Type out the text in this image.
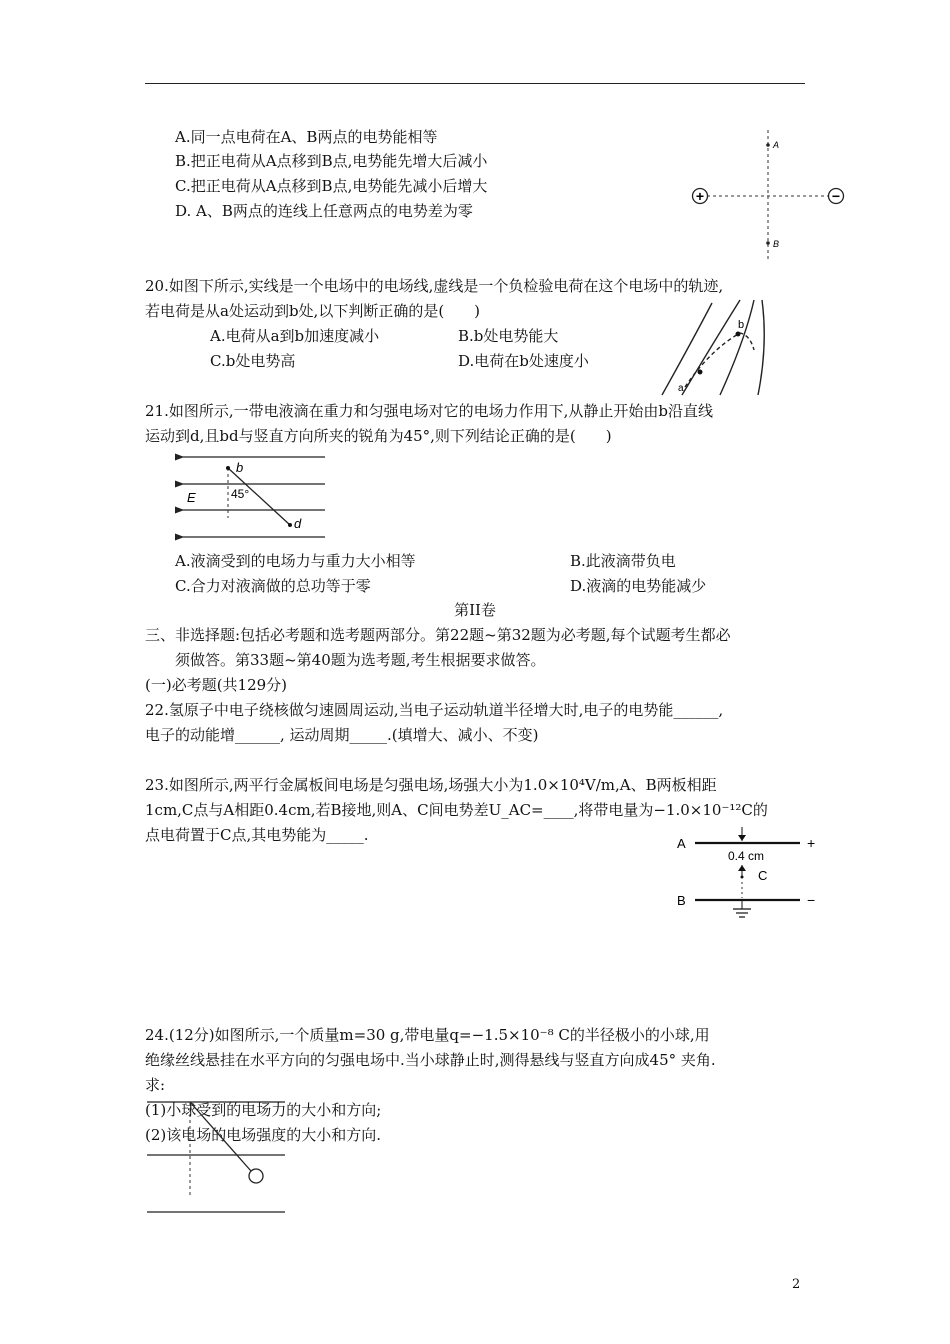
A.同一点电荷在A、B两点的电势能相等
B.把正电荷从A点移到B点,电势能先增大后减小
C.把正电荷从A点移到B点,电势能先减小后增大
D. A、B两点的连线上任意两点的电势差为零
+	−
A
B
20.如图下所示,实线是一个电场中的电场线,虚线是一个负检验电荷在这个电场中的轨迹,
若电荷是从a处运动到b处,以下判断正确的是(　　)
A.电荷从a到b加速度减小	B.b处电势能大
C.b处电势高	D.电荷在b处速度小
a
b
21.如图所示,一带电液滴在重力和匀强电场对它的电场力作用下,从静止开始由b沿直线
运动到d,且bd与竖直方向所夹的锐角为45°,则下列结论正确的是(　　)
b
d
E	45°
A.液滴受到的电场力与重力大小相等	B.此液滴带负电
C.合力对液滴做的总功等于零	D.液滴的电势能减少
第II卷
三、非选择题:包括必考题和选考题两部分。第22题~第32题为必考题,每个试题考生都必
须做答。第33题~第40题为选考题,考生根据要求做答。
(一)必考题(共129分)
22.氢原子中电子绕核做匀速圆周运动,当电子运动轨道半径增大时,电子的电势能______,
电子的动能增______, 运动周期_____.(填增大、减小、不变)
23.如图所示,两平行金属板间电场是匀强电场,场强大小为1.0×10⁴V/m,A、B两板相距
1cm,C点与A相距0.4cm,若B接地,则A、C间电势差U_AC=____,将带电量为−1.0×10⁻¹²C的
点电荷置于C点,其电势能为_____.	A
B
+
−
0.4 cm
C
24.(12分)如图所示,一个质量m=30 g,带电量q=−1.5×10⁻⁸ C的半径极小的小球,用
绝缘丝线悬挂在水平方向的匀强电场中.当小球静止时,测得悬线与竖直方向成45° 夹角.
求:
(1)小球受到的电场力的大小和方向;
(2)该电场的电场强度的大小和方向.
2
